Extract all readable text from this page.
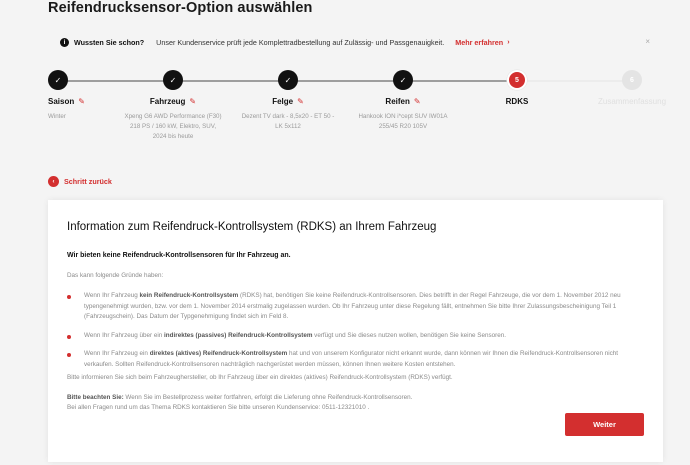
Reifendrucksensor-Option auswählen
i	Wussten Sie schon? Unser Kundenservice prüft jede Komplettradbestellung auf Zulässig- und Passgenauigkeit. Mehr erfahren ›	×
✓
Saison ✎
Winter
✓
Fahrzeug ✎
Xpeng G6 AWD Performance (F30)
218 PS / 160 kW, Elektro, SUV,
2024 bis heute
✓
Felge ✎
Dezent TV dark - 8,5x20 - ET 50 -
LK 5x112
✓
Reifen ✎
Hankook ION i*cept SUV IW01A
255/45 R20 105V
5
RDKS
6
Zusammenfassung
‹	Schritt zurück
Information zum Reifendruck-Kontrollsystem (RDKS) an Ihrem Fahrzeug
Wir bieten keine Reifendruck-Kontrollsensoren für Ihr Fahrzeug an.
Das kann folgende Gründe haben:
Wenn Ihr Fahrzeug kein Reifendruck-Kontrollsystem (RDKS) hat, benötigen Sie keine Reifendruck-Kontrollsensoren. Dies betrifft in der Regel Fahrzeuge, die vor dem 1. November 2012 neu typengenehmigt wurden, bzw. vor dem 1. November 2014 erstmalig zugelassen wurden. Ob Ihr Fahrzeug unter diese Regelung fällt, entnehmen Sie bitte Ihrer Zulassungsbescheinigung Teil 1 (Fahrzeugschein). Das Datum der Typgenehmigung findet sich im Feld 8.
Wenn Ihr Fahrzeug über ein indirektes (passives) Reifendruck-Kontrollsystem verfügt und Sie dieses nutzen wollen, benötigen Sie keine Sensoren.
Wenn Ihr Fahrzeug ein direktes (aktives) Reifendruck-Kontrollsystem hat und von unserem Konfigurator nicht erkannt wurde, dann können wir Ihnen die Reifendruck-Kontrollsensoren nicht verkaufen. Sollten Reifendruck-Kontrollsensoren nachträglich nachgerüstet werden müssen, können Ihnen weitere Kosten entstehen.
Bitte informieren Sie sich beim Fahrzeughersteller, ob Ihr Fahrzeug über ein direktes (aktives) Reifendruck-Kontrollsystem (RDKS) verfügt.
Bitte beachten Sie: Wenn Sie im Bestellprozess weiter fortfahren, erfolgt die Lieferung ohne Reifendruck-Kontrollsensoren.
Bei allen Fragen rund um das Thema RDKS kontaktieren Sie bitte unseren Kundenservice: 0511-12321010 .
Weiter
